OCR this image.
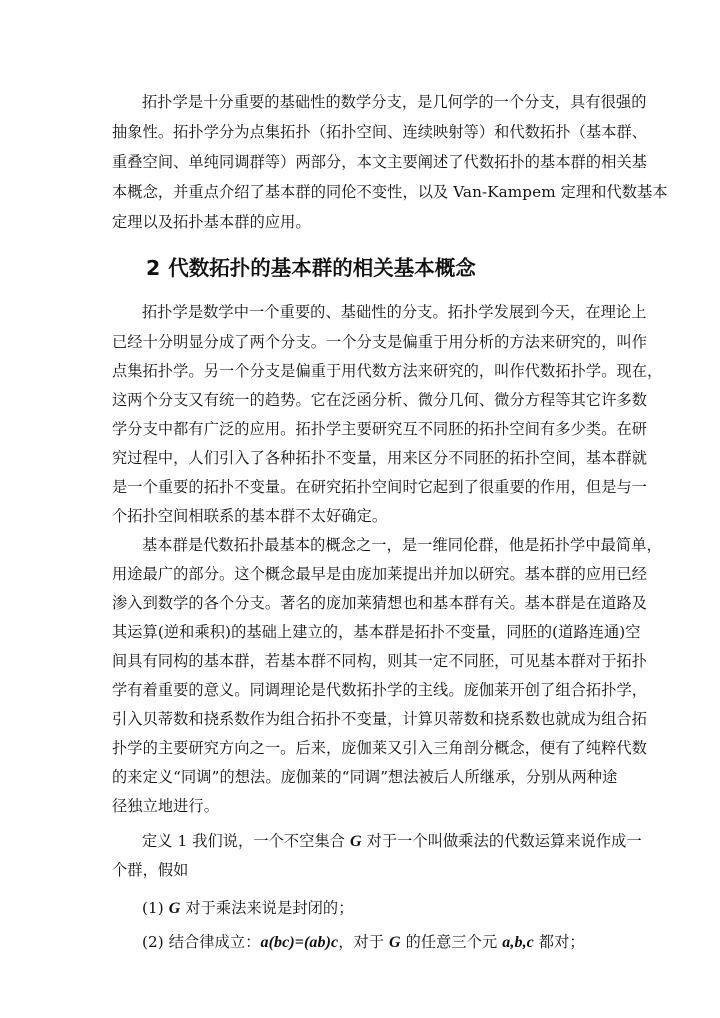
拓扑学是十分重要的基础性的数学分支，是几何学的一个分支，具有很强的
抽象性。拓扑学分为点集拓扑（拓扑空间、连续映射等）和代数拓扑（基本群、
重叠空间、单纯同调群等）两部分，本文主要阐述了代数拓扑的基本群的相关基
本概念，并重点介绍了基本群的同伦不变性，以及 Van-Kampem 定理和代数基本
定理以及拓扑基本群的应用。
2 代数拓扑的基本群的相关基本概念
拓扑学是数学中一个重要的、基础性的分支。拓扑学发展到今天，在理论上
已经十分明显分成了两个分支。一个分支是偏重于用分析的方法来研究的，叫作
点集拓扑学。另一个分支是偏重于用代数方法来研究的，叫作代数拓扑学。现在，
这两个分支又有统一的趋势。它在泛函分析、微分几何、微分方程等其它许多数
学分支中都有广泛的应用。拓扑学主要研究互不同胚的拓扑空间有多少类。在研
究过程中，人们引入了各种拓扑不变量，用来区分不同胚的拓扑空间，基本群就
是一个重要的拓扑不变量。在研究拓扑空间时它起到了很重要的作用，但是与一
个拓扑空间相联系的基本群不太好确定。
基本群是代数拓扑最基本的概念之一，是一维同伦群，他是拓扑学中最简单，
用途最广的部分。这个概念最早是由庞加莱提出并加以研究。基本群的应用已经
渗入到数学的各个分支。著名的庞加莱猜想也和基本群有关。基本群是在道路及
其运算(逆和乘积)的基础上建立的，基本群是拓扑不变量，同胚的(道路连通)空
间具有同构的基本群，若基本群不同构，则其一定不同胚，可见基本群对于拓扑
学有着重要的意义。同调理论是代数拓扑学的主线。庞伽莱开创了组合拓扑学，
引入贝蒂数和挠系数作为组合拓扑不变量，计算贝蒂数和挠系数也就成为组合拓
扑学的主要研究方向之一。后来，庞伽莱又引入三角剖分概念，便有了纯粹代数
的来定义“同调”的想法。庞伽莱的“同调”想法被后人所继承，分别从两种途
径独立地进行。
定义 1 我们说，一个不空集合 G 对于一个叫做乘法的代数运算来说作成一
个群，假如
(1) G 对于乘法来说是封闭的；
(2) 结合律成立：a(bc)=(ab)c，对于 G 的任意三个元 a,b,c 都对；
